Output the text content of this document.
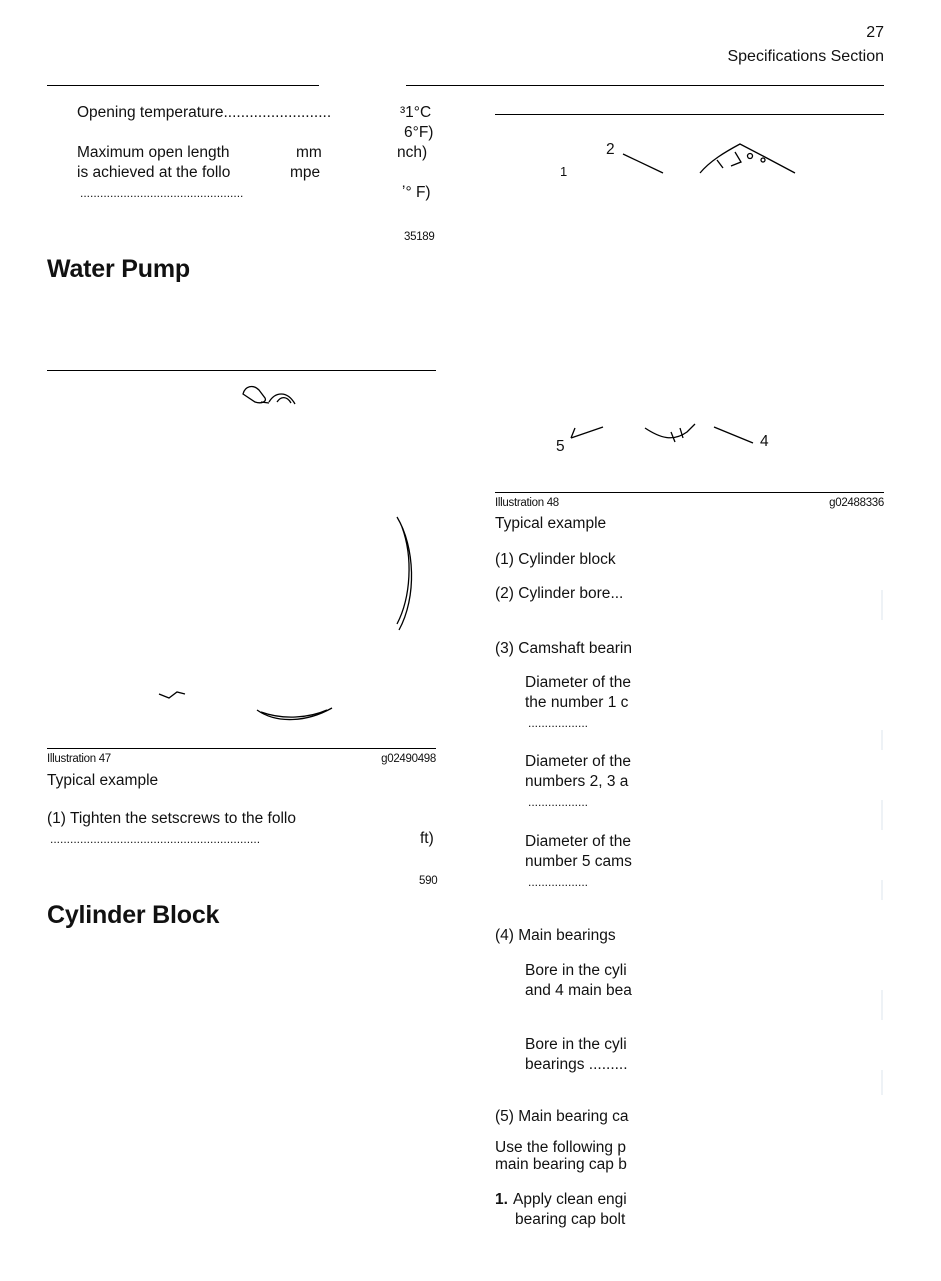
27
Specifications Section
Opening temperature.........................	³1°C
6°F)
Maximum open length	mm	nch)
is achieved at the follo	mpe
.................................................	ʼ° F)
35189
Water Pump
Illustration 47	g02490498
Typical example
(1) Tighten the setscrews to the follo
...............................................................	ft)
590
Cylinder Block
2
1
5	4
Illustration 48	g02488336
Typical example
(1) Cylinder block
(2) Cylinder bore...
(3) Camshaft bearin
Diameter of the
the number 1 c
..................
Diameter of the
numbers 2, 3 a
..................
Diameter of the
number 5 cams
..................
(4) Main bearings
Bore in the cyli
and 4 main bea
Bore in the cyli
bearings .........
(5) Main bearing ca
Use the following p
main bearing cap b
1. Apply clean engi
bearing cap bolt
